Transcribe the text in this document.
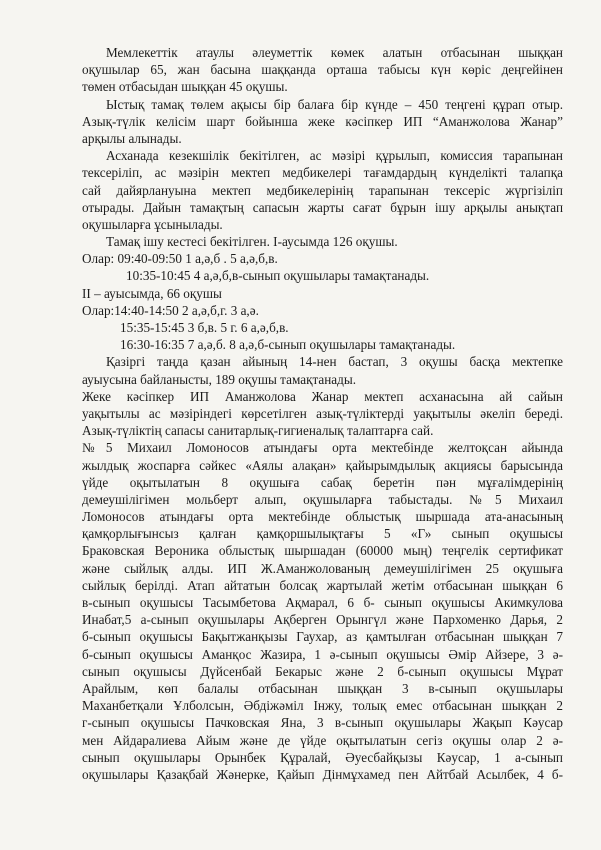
Мемлекеттік атаулы әлеуметтік көмек алатын отбасынан шыққан
оқушылар 65, жан басына шаққанда орташа табысы күн көріс деңгейінен
төмен отбасыдан шыққан 45 оқушы.
Ыстық тамақ төлем ақысы бір балаға бір күнде – 450 теңгені құрап отыр.
Азық-түлік келісім шарт бойынша жеке кәсіпкер ИП “Аманжолова Жанар”
арқылы алынады.
Асханада кезекшілік бекітілген, ас мәзірі құрылып, комиссия тарапынан
тексеріліп, ас мәзірін мектеп медбикелері тағамдардың күнделікті талапқа
сай дайярлануына мектеп медбикелерінің тарапынан тексеріс жүргізіліп
отырады. Дайын тамақтың сапасын жарты сағат бұрын ішу арқылы анықтап
оқушыларға ұсынылады.
Тамақ ішу кестесі бекітілген. І-аусымда 126 оқушы.
Олар: 09:40-09:50 1 а,ә,б . 5 а,ә,б,в.
10:35-10:45 4 а,ә,б,в-сынып оқушылары тамақтанады.
ІІ – ауысымда, 66 оқушы
Олар:14:40-14:50 2 а,ә,б,г. 3 а,ә.
15:35-15:45 3 б,в. 5 г. 6 а,ә,б,в.
16:30-16:35 7 а,ә,б. 8 а,ә,б-сынып оқушылары тамақтанады.
Қазіргі таңда қазан айының 14-нен бастап, 3 оқушы басқа мектепке
ауыусына байланысты, 189 оқушы тамақтанады.
Жеке кәсіпкер ИП Аманжолова Жанар мектеп асханасына ай сайын
уақытылы ас мәзіріндегі көрсетілген азық-түліктерді уақытылы әкеліп береді.
Азық-түліктің сапасы санитарлық-гигиеналық талаптарға сай.
№5 Михаил Ломоносов атындағы орта мектебінде желтоқсан айында
жылдық жоспарға сәйкес «Аялы алақан» қайырымдылық акциясы барысында
үйде оқытылатын 8 оқушыға сабақ беретін пән мұғалімдерінің
демеушілігімен мольберт алып, оқушыларға табыстады. №5 Михаил
Ломоносов атындағы орта мектебінде облыстық шыршада ата-анасының
қамқорлығынсыз қалған қамқоршылықтағы 5 «Г» сынып оқушысы
Браковская Вероника облыстық шыршадан (60000 мың) теңгелік сертификат
және сыйлық алды. ИП Ж.Аманжолованың демеушілігімен 25 оқушыға
сыйлық берілді. Атап айтатын болсақ жартылай жетім отбасынан шыққан 6
в-сынып оқушысы Тасымбетова Ақмарал, 6 б- сынып оқушысы Акимкулова
Инабат,5 а-сынып оқушылары Ақберген Орынгүл және Пархоменко Дарья, 2
б-сынып оқушысы Бақытжанқызы Гаухар, аз қамтылған отбасынан шыққан 7
б-сынып оқушысы Аманқос Жазира, 1 ә-сынып оқушысы Әмір Айзере, 3 ә-
сынып оқушысы Дүйсенбай Бекарыс және 2 б-сынып оқушысы Мұрат
Арайлым, көп балалы отбасынан шыққан 3 в-сынып оқушылары
Маханбетқали Ұлболсын, Әбдіжәміл Інжу, толық емес отбасынан шыққан 2
г-сынып оқушысы Пачковская Яна, 3 в-сынып оқушылары Жақып Кәусар
мен Айдаралиева Айым және де үйде оқытылатын сегіз оқушы олар 2 ә-
сынып оқушылары Орынбек Құралай, Әуесбайқызы Кәусар, 1 а-сынып
оқушылары Қазақбай Жәнерке, Қайып Дінмұхамед пен Айтбай Асылбек, 4 б-
